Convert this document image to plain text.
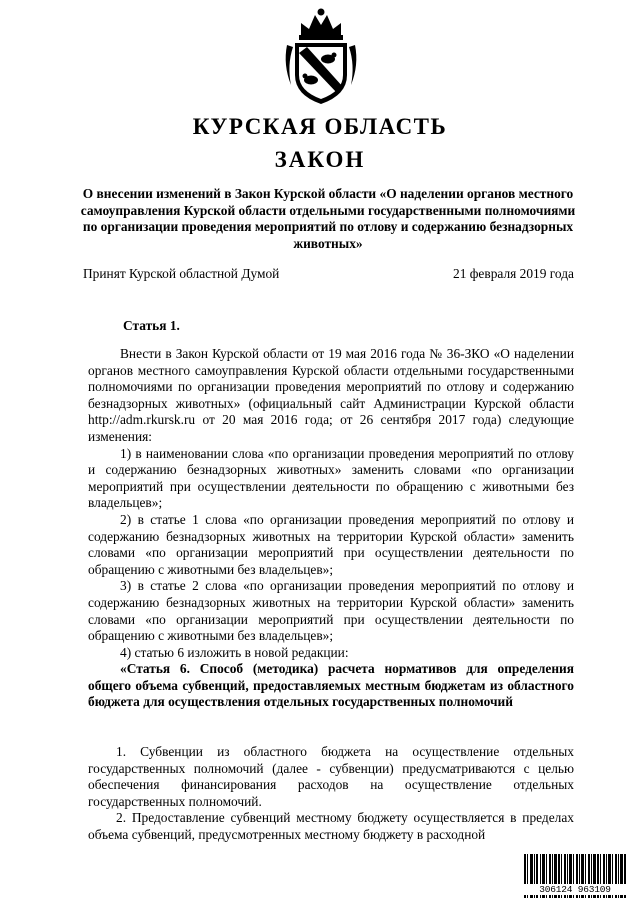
КУРСКАЯ ОБЛАСТЬ
ЗАКОН
О внесении изменений в Закон Курской области «О наделении органов местного самоуправления Курской области отдельными государственными полномочиями по организации проведения мероприятий по отлову и содержанию безнадзорных животных»
Принят Курской областной Думой	21 февраля 2019 года
Статья 1.

Внести в Закон Курской области от 19 мая 2016 года № 36-ЗКО «О наделении органов местного самоуправления Курской области отдельными государственными полномочиями по организации проведения мероприятий по отлову и содержанию безнадзорных животных» (официальный сайт Администрации Курской области http://adm.rkursk.ru от 20 мая 2016 года; от 26 сентября 2017 года) следующие изменения:

1) в наименовании слова «по организации проведения мероприятий по отлову и содержанию безнадзорных животных» заменить словами «по организации мероприятий при осуществлении деятельности по обращению с животными без владельцев»;

2) в статье 1 слова «по организации проведения мероприятий по отлову и содержанию безнадзорных животных на территории Курской области» заменить словами «по организации мероприятий при осуществлении деятельности по обращению с животными без владельцев»;

3) в статье 2 слова «по организации проведения мероприятий по отлову и содержанию безнадзорных животных на территории Курской области» заменить словами «по организации мероприятий при осуществлении деятельности по обращению с животными без владельцев»;

4) статью 6 изложить в новой редакции:

«Статья 6. Способ (методика) расчета нормативов для определения общего объема субвенций, предоставляемых местным бюджетам из областного бюджета для осуществления отдельных государственных полномочий

1. Субвенции из областного бюджета на осуществление отдельных государственных полномочий (далее - субвенции) предусматриваются с целью обеспечения финансирования расходов на осуществление отдельных государственных полномочий.

2. Предоставление субвенций местному бюджету осуществляется в пределах объема субвенций, предусмотренных местному бюджету в расходной

306124 963109
